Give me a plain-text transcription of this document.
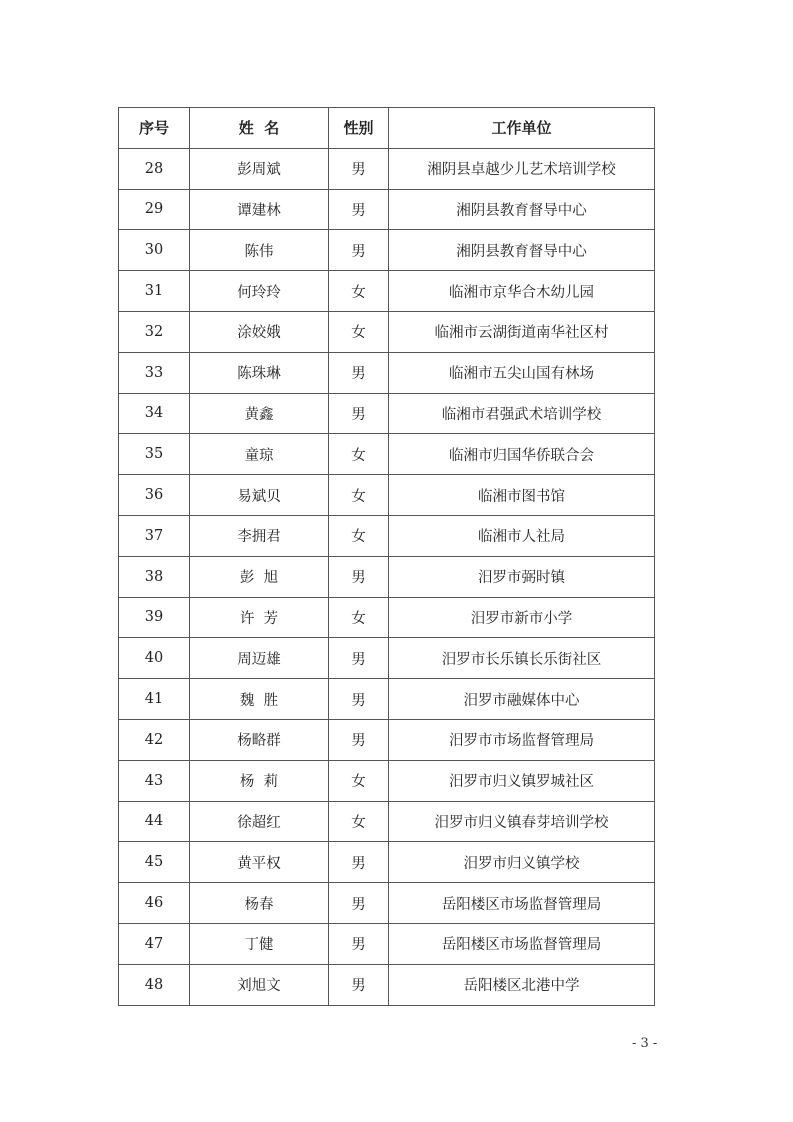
序号	姓  名	性别	工作单位
28	彭周斌	男	湘阴县卓越少儿艺术培训学校
29	谭建林	男	湘阴县教育督导中心
30	陈伟	男	湘阴县教育督导中心
31	何玲玲	女	临湘市京华合木幼儿园
32	涂姣娥	女	临湘市云湖街道南华社区村
33	陈珠琳	男	临湘市五尖山国有林场
34	黄鑫	男	临湘市君强武术培训学校
35	童琼	女	临湘市归国华侨联合会
36	易斌贝	女	临湘市图书馆
37	李拥君	女	临湘市人社局
38	彭  旭	男	汨罗市弼时镇
39	许  芳	女	汨罗市新市小学
40	周迈雄	男	汨罗市长乐镇长乐街社区
41	魏  胜	男	汨罗市融媒体中心
42	杨略群	男	汨罗市市场监督管理局
43	杨  莉	女	汨罗市归义镇罗城社区
44	徐超红	女	汨罗市归义镇春芽培训学校
45	黄平权	男	汨罗市归义镇学校
46	杨春	男	岳阳楼区市场监督管理局
47	丁健	男	岳阳楼区市场监督管理局
48	刘旭文	男	岳阳楼区北港中学
- 3 -
